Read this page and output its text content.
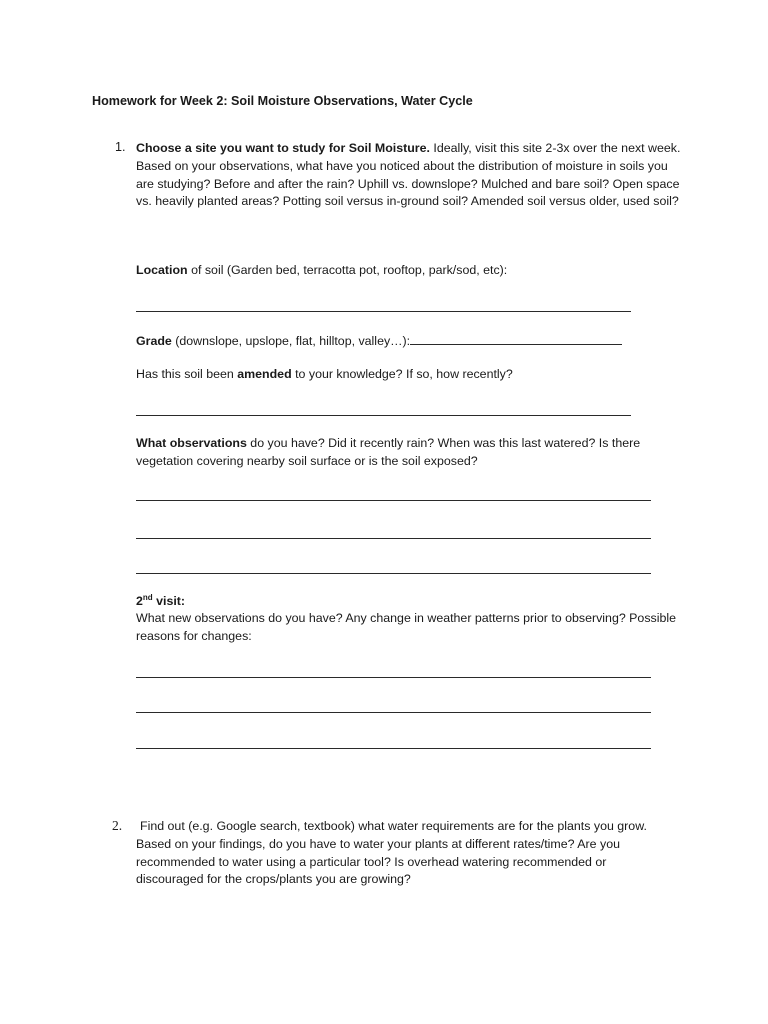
Homework for Week 2: Soil Moisture Observations, Water Cycle
1. Choose a site you want to study for Soil Moisture. Ideally, visit this site 2-3x over the next week. Based on your observations, what have you noticed about the distribution of moisture in soils you are studying? Before and after the rain? Uphill vs. downslope? Mulched and bare soil? Open space vs. heavily planted areas? Potting soil versus in-ground soil? Amended soil versus older, used soil?
Location of soil (Garden bed, terracotta pot, rooftop, park/sod, etc):
Grade (downslope, upslope, flat, hilltop, valley…):
Has this soil been amended to your knowledge? If so, how recently?
What observations do you have? Did it recently rain? When was this last watered? Is there vegetation covering nearby soil surface or is the soil exposed?
2nd visit:
What new observations do you have? Any change in weather patterns prior to observing? Possible reasons for changes:
2.	Find out (e.g. Google search, textbook) what water requirements are for the plants you grow. Based on your findings, do you have to water your plants at different rates/time? Are you recommended to water using a particular tool? Is overhead watering recommended or discouraged for the crops/plants you are growing?
